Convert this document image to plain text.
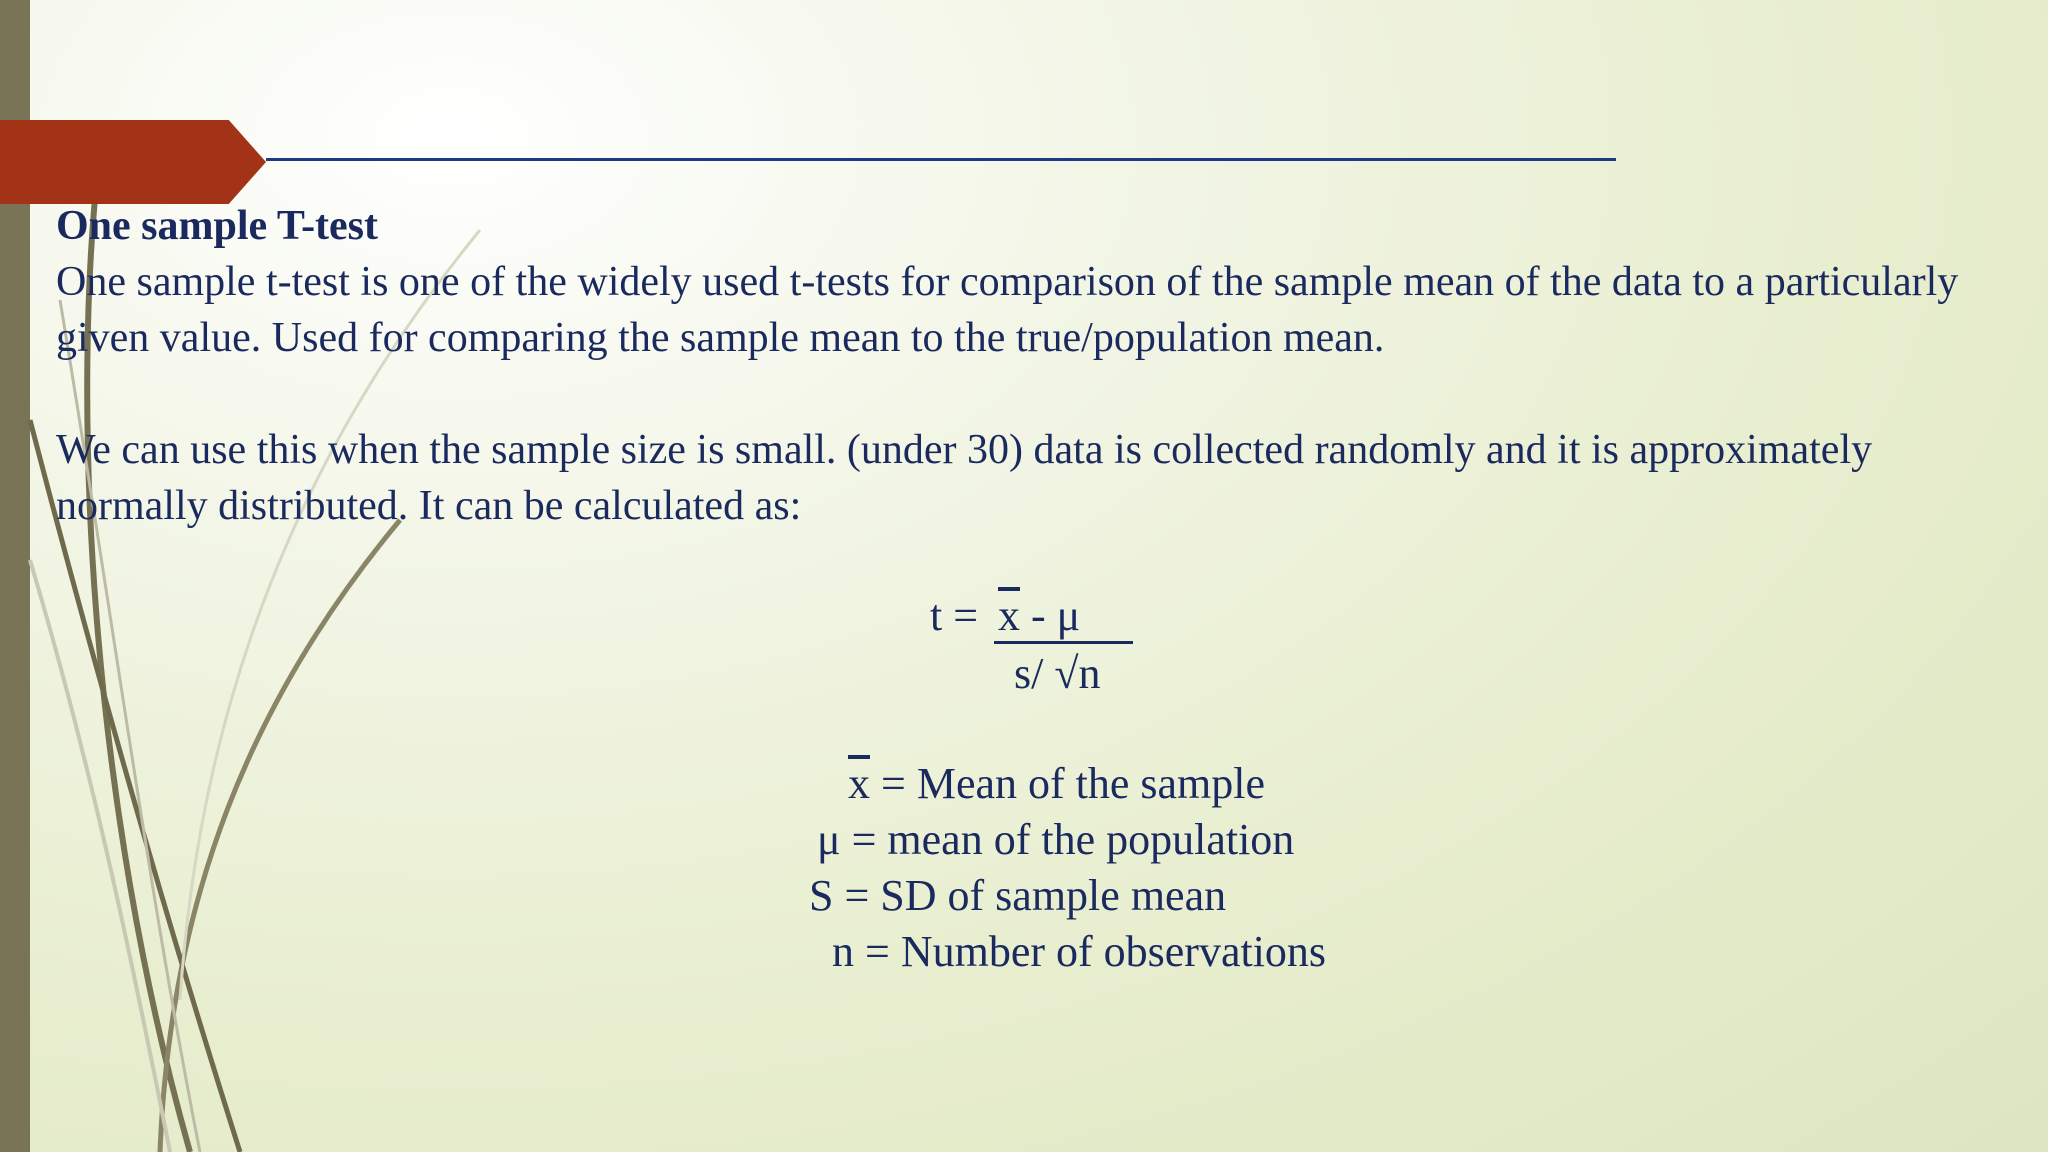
One sample T-test

One sample t-test is one of the widely used t-tests for comparison of the sample mean of the data to a particularly given value. Used for comparing the sample mean to the true/population mean.

We can use this when the sample size is small. (under 30) data is collected randomly and it is approximately normally distributed. It can be calculated as:

$t = \overline{x} - \mu$
s/ √n
$\overline{x}$ = Mean of the sample
μ = mean of the population
S = SD of sample mean
n = Number of observations
